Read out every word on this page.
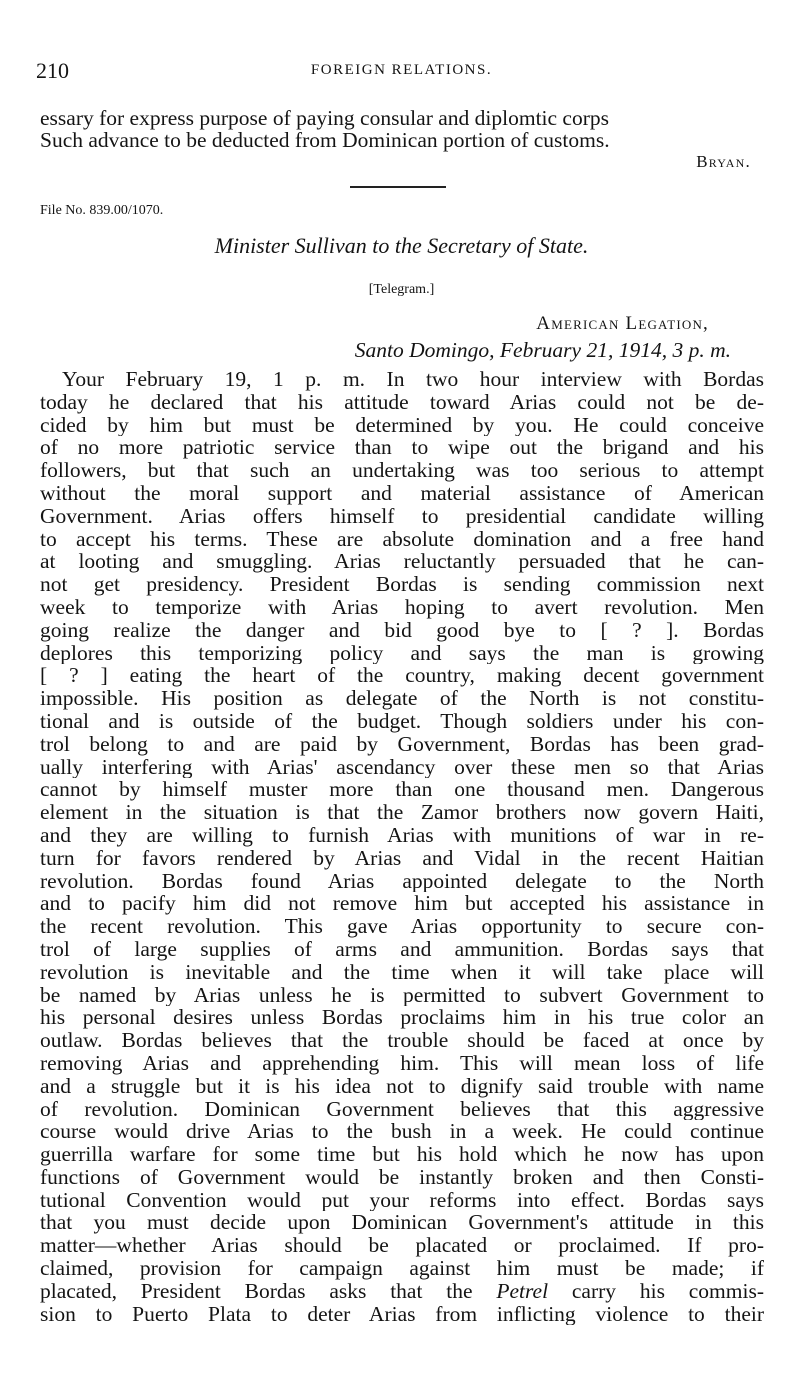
210	FOREIGN RELATIONS.
essary for express purpose of paying consular and diplomtic corps
Such advance to be deducted from Dominican portion of customs.
Bryan.
File No. 839.00/1070.
Minister Sullivan to the Secretary of State.
[Telegram.]
American Legation,
Santo Domingo, February 21, 1914, 3 p. m.
Your February 19, 1 p. m. In two hour interview with Bordas
today he declared that his attitude toward Arias could not be de-
cided by him but must be determined by you. He could conceive
of no more patriotic service than to wipe out the brigand and his
followers, but that such an undertaking was too serious to attempt
without the moral support and material assistance of American
Government. Arias offers himself to presidential candidate willing
to accept his terms. These are absolute domination and a free hand
at looting and smuggling. Arias reluctantly persuaded that he can-
not get presidency. President Bordas is sending commission next
week to temporize with Arias hoping to avert revolution. Men
going realize the danger and bid good bye to [ ? ]. Bordas
deplores this temporizing policy and says the man is growing
[ ? ] eating the heart of the country, making decent government
impossible. His position as delegate of the North is not constitu-
tional and is outside of the budget. Though soldiers under his con-
trol belong to and are paid by Government, Bordas has been grad-
ually interfering with Arias' ascendancy over these men so that Arias
cannot by himself muster more than one thousand men. Dangerous
element in the situation is that the Zamor brothers now govern Haiti,
and they are willing to furnish Arias with munitions of war in re-
turn for favors rendered by Arias and Vidal in the recent Haitian
revolution. Bordas found Arias appointed delegate to the North
and to pacify him did not remove him but accepted his assistance in
the recent revolution. This gave Arias opportunity to secure con-
trol of large supplies of arms and ammunition. Bordas says that
revolution is inevitable and the time when it will take place will
be named by Arias unless he is permitted to subvert Government to
his personal desires unless Bordas proclaims him in his true color an
outlaw. Bordas believes that the trouble should be faced at once by
removing Arias and apprehending him. This will mean loss of life
and a struggle but it is his idea not to dignify said trouble with name
of revolution. Dominican Government believes that this aggressive
course would drive Arias to the bush in a week. He could continue
guerrilla warfare for some time but his hold which he now has upon
functions of Government would be instantly broken and then Consti-
tutional Convention would put your reforms into effect. Bordas says
that you must decide upon Dominican Government's attitude in this
matter—whether Arias should be placated or proclaimed. If pro-
claimed, provision for campaign against him must be made; if
placated, President Bordas asks that the Petrel carry his commis-
sion to Puerto Plata to deter Arias from inflicting violence to their
